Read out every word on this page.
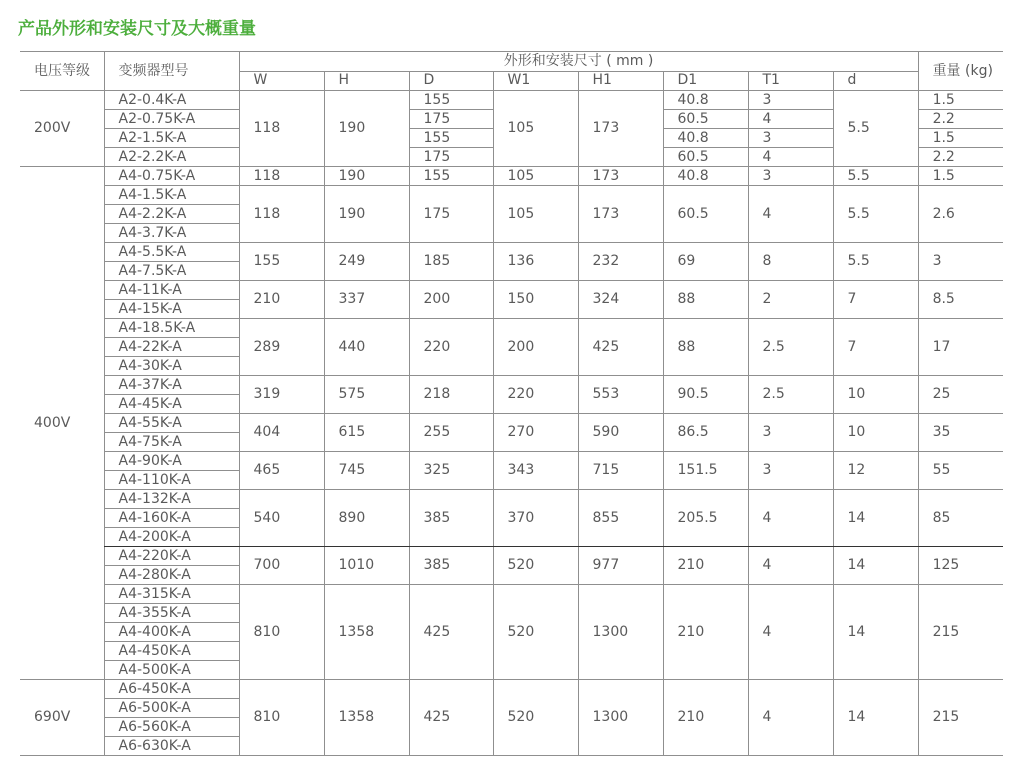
产品外形和安装尺寸及大概重量
电压等级	变频器型号	外形和安装尺寸 ( mm )								重量 (kg)
		W	H	D	W1	H1	D1	T1	d	
200V	A2-0.4K-A	118	190	155	105	173	40.8	3	5.5	1.5
	A2-0.75K-A			175			60.5	4		2.2
	A2-1.5K-A			155			40.8	3		1.5
	A2-2.2K-A			175			60.5	4		2.2
400V	A4-0.75K-A	118	190	155	105	173	40.8	3	5.5	1.5
	A4-1.5K-A	118	190	175	105	173	60.5	4	5.5	2.6
	A4-2.2K-A									
	A4-3.7K-A									
	A4-5.5K-A	155	249	185	136	232	69	8	5.5	3
	A4-7.5K-A									
	A4-11K-A	210	337	200	150	324	88	2	7	8.5
	A4-15K-A									
	A4-18.5K-A	289	440	220	200	425	88	2.5	7	17
	A4-22K-A									
	A4-30K-A									
	A4-37K-A	319	575	218	220	553	90.5	2.5	10	25
	A4-45K-A									
	A4-55K-A	404	615	255	270	590	86.5	3	10	35
	A4-75K-A									
	A4-90K-A	465	745	325	343	715	151.5	3	12	55
	A4-110K-A									
	A4-132K-A	540	890	385	370	855	205.5	4	14	85
	A4-160K-A									
	A4-200K-A									
	A4-220K-A	700	1010	385	520	977	210	4	14	125
	A4-280K-A									
	A4-315K-A	810	1358	425	520	1300	210	4	14	215
	A4-355K-A									
	A4-400K-A									
	A4-450K-A									
	A4-500K-A									
690V	A6-450K-A	810	1358	425	520	1300	210	4	14	215
	A6-500K-A									
	A6-560K-A									
	A6-630K-A									
